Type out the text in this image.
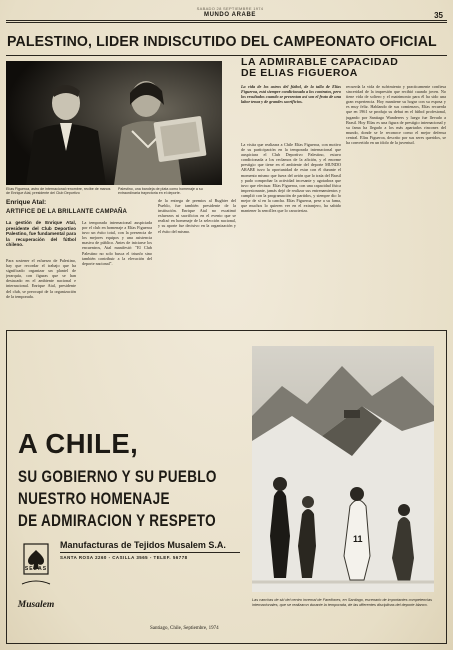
SABADO 28 SEPTIEMBRE 1974
MUNDO ARABE	35
PALESTINO, LIDER INDISCUTIDO DEL CAMPEONATO OFICIAL
Elías Figueroa, astro de internacional renombre, recibe de manos de Enrique Atal, presidente del Club Deportivo
Palestino, una bandeja de plata como homenaje a su extraordinaria trayectoria en el deporte.
LA ADMIRABLE CAPACIDAD
DE ELIAS FIGUEROA
La vida de los astros del fútbol, de la talla de Elías Figueroa, está siempre condicionada a los contratos, pero los resultados cuando se presentan así son el fruto de una labor tenaz y de grandes sacrificios.
La visita que realizara a Chile Elías Figueroa, con motivo de su participación en la temporada internacional que auspiciara el Club Deportivo Palestino, estuvo condicionada a los reclamos de la afición, y el enorme prestigio que tiene en el ambiente del deporte MUNDO ARABE tuvo la oportunidad de estar con él durante el momento mismo que fuera del avión que lo traía del Brasil y pudo comprobar la actividad incesante y agotadora que tuvo que efectuar. Elías Figueroa, con una capacidad física impresionante, jamás dejó de realizar sus entrenamientos y cumplió con la programación de partidos, y siempre dio lo mejor de sí en la cancha. Elías Figueroa, pese a su fama, que muchos lo quieren ver en el extranjero, ha sabido mantener la sencillez que lo caracteriza.
recuerda la vida de sufrimiento y practicamente confiesa sinceridad de la impresión que recibió cuando joven. No tiene vida de soltero y el matrimonio para él ha sido una gran experiencia. Hoy mantiene su hogar con su esposa y es muy feliz. Hablando de sus comienzos, Elías recuerda que en 1961 se produjo su debut en el fútbol profesional, jugando por Santiago Wanderers y luego fue llevado a Brasil. Hoy Elías es una figura de prestigio internacional y su fama ha llegado a los más apartados rincones del mundo, donde se le reconoce como el mejor defensa central. Elías Figueroa, descrito por sus seres queridos, se ha convertido en un ídolo de la juventud.
Enrique Atal:
ARTIFICE DE LA BRILLANTE CAMPAÑA
La gestión de Enrique Atal, presidente del Club Deportivo Palestino, fue fundamental para la recuperación del fútbol chileno.
Para sostener el esfuerzo de Palestino, hay que recordar el trabajo que ha significado organizar un plantel de jerarquía, con figuras que se han destacado en el ambiente nacional e internacional. Enrique Atal, presidente del club, se preocupó de la organización de la temporada.
La temporada internacional auspiciada por el club en homenaje a Elías Figueroa tuvo un éxito total, con la presencia de los mejores equipos y una asistencia masiva de público. Antes de iniciarse los encuentros, Atal manifestó: "El Club Palestino no solo busca el triunfo sino también contribuir a la elevación del deporte nacional".
de la entrega de premios al Rugbier del Pueblo, fue también presidente de la institución. Enrique Atal no escatimó esfuerzos ni sacrificios en el evento que se realizó en homenaje de la selección nacional, y su aporte fue decisivo en la organización y el éxito del mismo.
A CHILE,
SU GOBIERNO Y SU PUEBLO
NUESTRO HOMENAJE
DE ADMIRACION Y RESPETO
11
SEDAS
Musalem
Manufacturas de Tejidos Musalem S.A.
SANTA ROSA 2260 - CASILLA 3565 - TELEF. 56778
Santiago, Chile, Septiembre, 1974
Las canchas de ski del centro invernal de Farellones, en Santiago, escenario de importantes competencias internacionales, que se realizaron durante la temporada, de las diferentes disciplinas del deporte blanco.
